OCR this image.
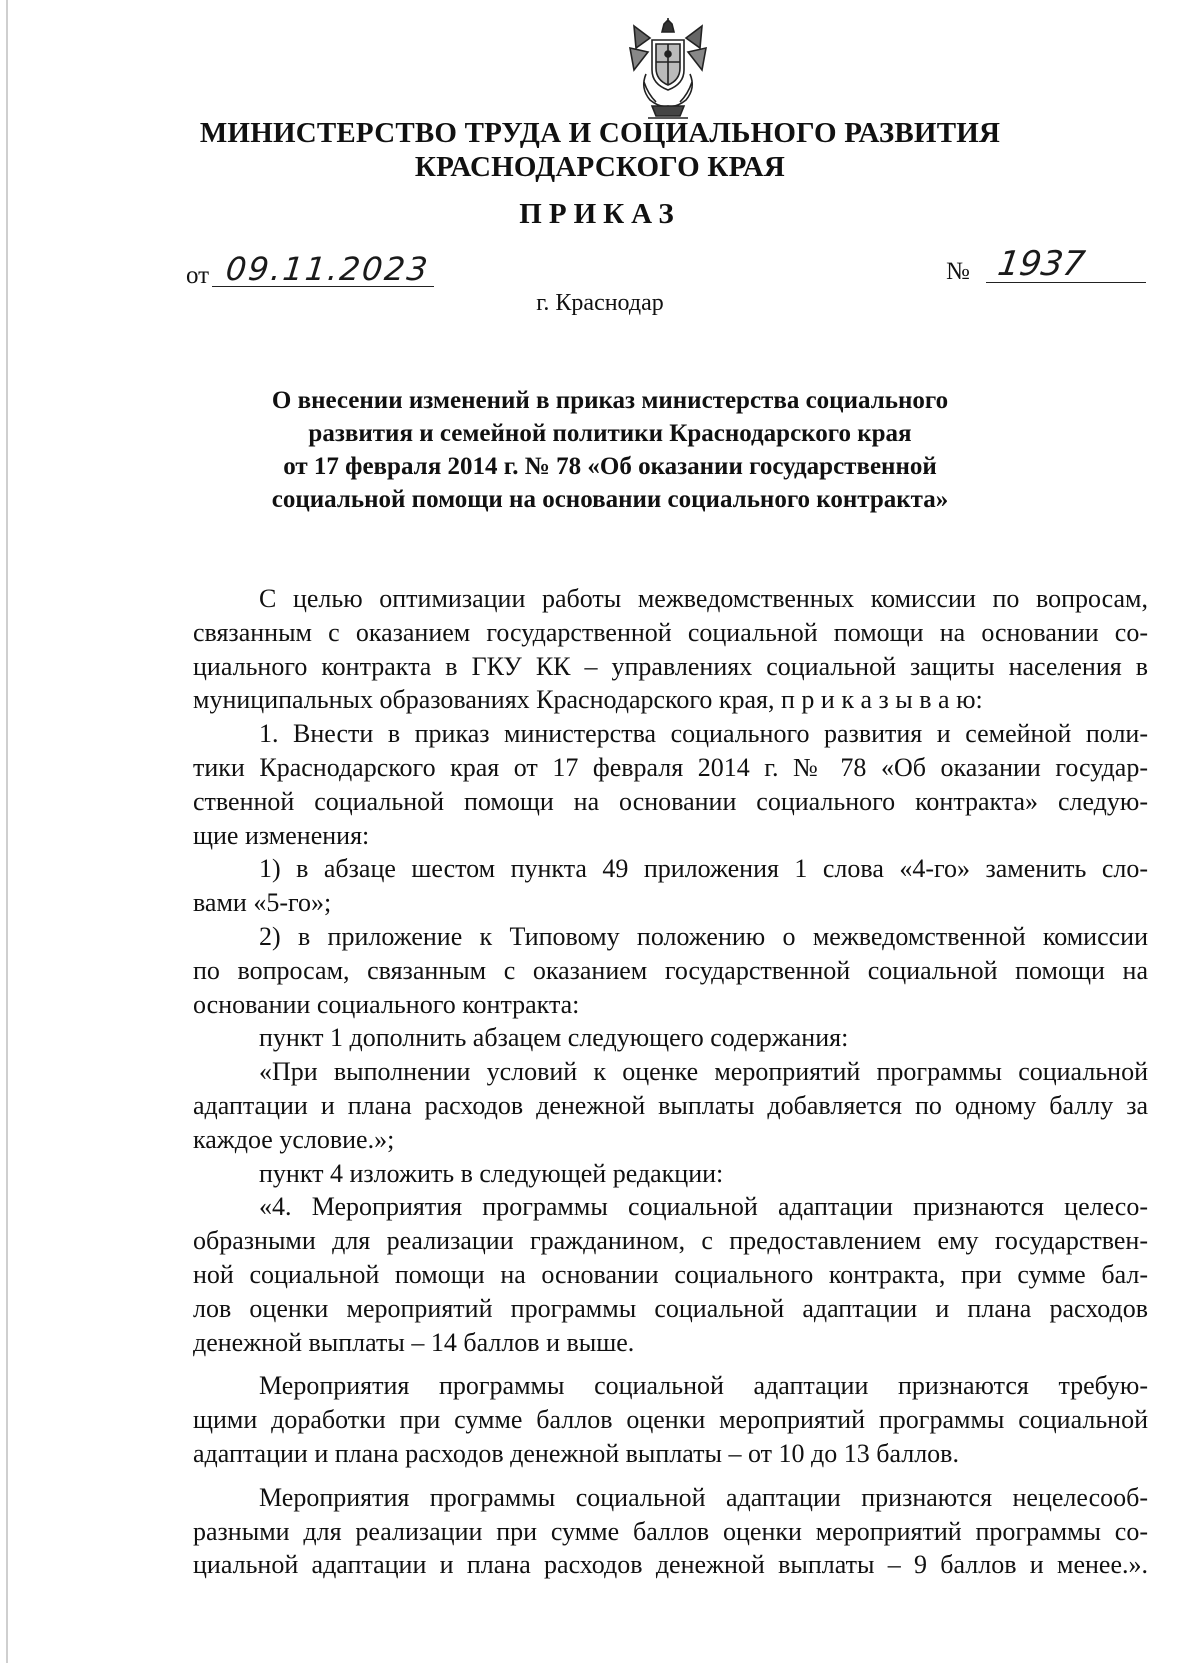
МИНИСТЕРСТВО ТРУДА И СОЦИАЛЬНОГО РАЗВИТИЯ
КРАСНОДАРСКОГО КРАЯ
ПРИКАЗ
от 09.11.2023	№ 1937
г. Краснодар
О внесении изменений в приказ министерства социального
развития и семейной политики Краснодарского края
от 17 февраля 2014 г. № 78 «Об оказании государственной
социальной помощи на основании социального контракта»
С целью оптимизации работы межведомственных комиссии по вопросам,
связанным с оказанием государственной социальной помощи на основании со-
циального контракта в ГКУ КК – управлениях социальной защиты населения в
муниципальных образованиях Краснодарского края, п р и к а з ы в а ю:
1. Внести в приказ министерства социального развития и семейной поли-
тики Краснодарского края от 17 февраля 2014 г. № 78 «Об оказании государ-
ственной социальной помощи на основании социального контракта» следую-
щие изменения:
1) в абзаце шестом пункта 49 приложения 1 слова «4-го» заменить сло-
вами «5-го»;
2) в приложение к Типовому положению о межведомственной комиссии
по вопросам, связанным с оказанием государственной социальной помощи на
основании социального контракта:
пункт 1 дополнить абзацем следующего содержания:
«При выполнении условий к оценке мероприятий программы социальной
адаптации и плана расходов денежной выплаты добавляется по одному баллу за
каждое условие.»;
пункт 4 изложить в следующей редакции:
«4. Мероприятия программы социальной адаптации признаются целесо-
образными для реализации гражданином, с предоставлением ему государствен-
ной социальной помощи на основании социального контракта, при сумме бал-
лов оценки мероприятий программы социальной адаптации и плана расходов
денежной выплаты – 14 баллов и выше.
Мероприятия программы социальной адаптации признаются требую-
щими доработки при сумме баллов оценки мероприятий программы социальной
адаптации и плана расходов денежной выплаты – от 10 до 13 баллов.
Мероприятия программы социальной адаптации признаются нецелесооб-
разными для реализации при сумме баллов оценки мероприятий программы со-
циальной адаптации и плана расходов денежной выплаты – 9 баллов и менее.».
